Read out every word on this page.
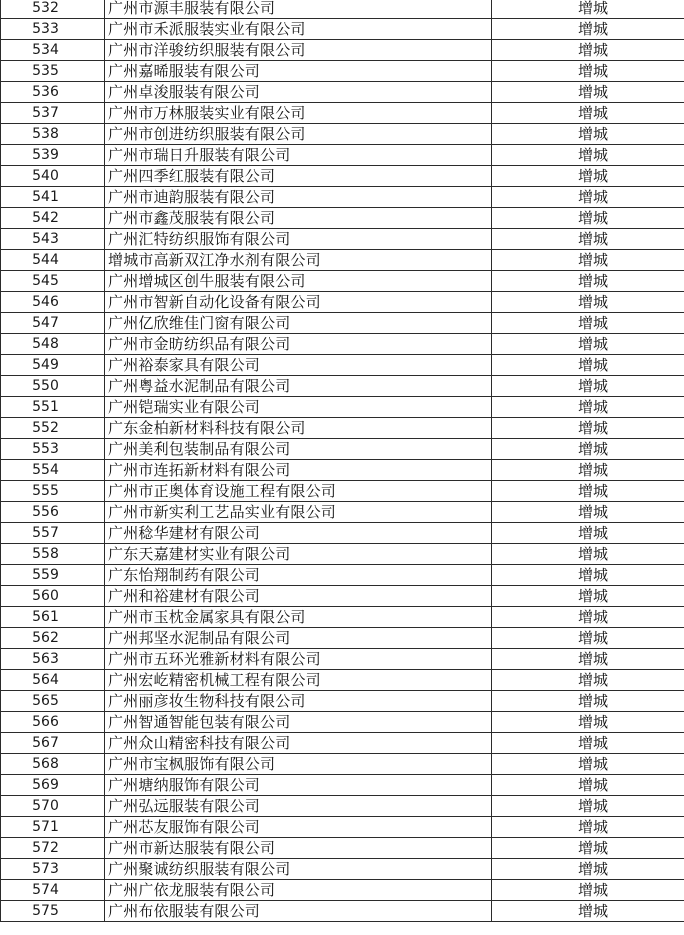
532	广州市源丰服装有限公司	增城
533	广州市禾派服装实业有限公司	增城
534	广州市洋骏纺织服装有限公司	增城
535	广州嘉晞服装有限公司	增城
536	广州卓浚服装有限公司	增城
537	广州市万林服装实业有限公司	增城
538	广州市创进纺织服装有限公司	增城
539	广州市瑞日升服装有限公司	增城
540	广州四季红服装有限公司	增城
541	广州市迪韵服装有限公司	增城
542	广州市鑫茂服装有限公司	增城
543	广州汇特纺织服饰有限公司	增城
544	增城市高新双江净水剂有限公司	增城
545	广州增城区创牛服装有限公司	增城
546	广州市智新自动化设备有限公司	增城
547	广州亿欣维佳门窗有限公司	增城
548	广州市金昉纺织品有限公司	增城
549	广州裕泰家具有限公司	增城
550	广州粤益水泥制品有限公司	增城
551	广州铠瑞实业有限公司	增城
552	广东金柏新材料科技有限公司	增城
553	广州美利包装制品有限公司	增城
554	广州市连拓新材料有限公司	增城
555	广州市正奥体育设施工程有限公司	增城
556	广州市新实利工艺品实业有限公司	增城
557	广州稔华建材有限公司	增城
558	广东天嘉建材实业有限公司	增城
559	广东怡翔制药有限公司	增城
560	广州和裕建材有限公司	增城
561	广州市玉枕金属家具有限公司	增城
562	广州邦坚水泥制品有限公司	增城
563	广州市五环光雅新材料有限公司	增城
564	广州宏屹精密机械工程有限公司	增城
565	广州丽彦妆生物科技有限公司	增城
566	广州智通智能包装有限公司	增城
567	广州众山精密科技有限公司	增城
568	广州市宝枫服饰有限公司	增城
569	广州塘纳服饰有限公司	增城
570	广州弘远服装有限公司	增城
571	广州芯友服饰有限公司	增城
572	广州市新达服装有限公司	增城
573	广州聚诚纺织服装有限公司	增城
574	广州广依龙服装有限公司	增城
575	广州布依服装有限公司	增城
